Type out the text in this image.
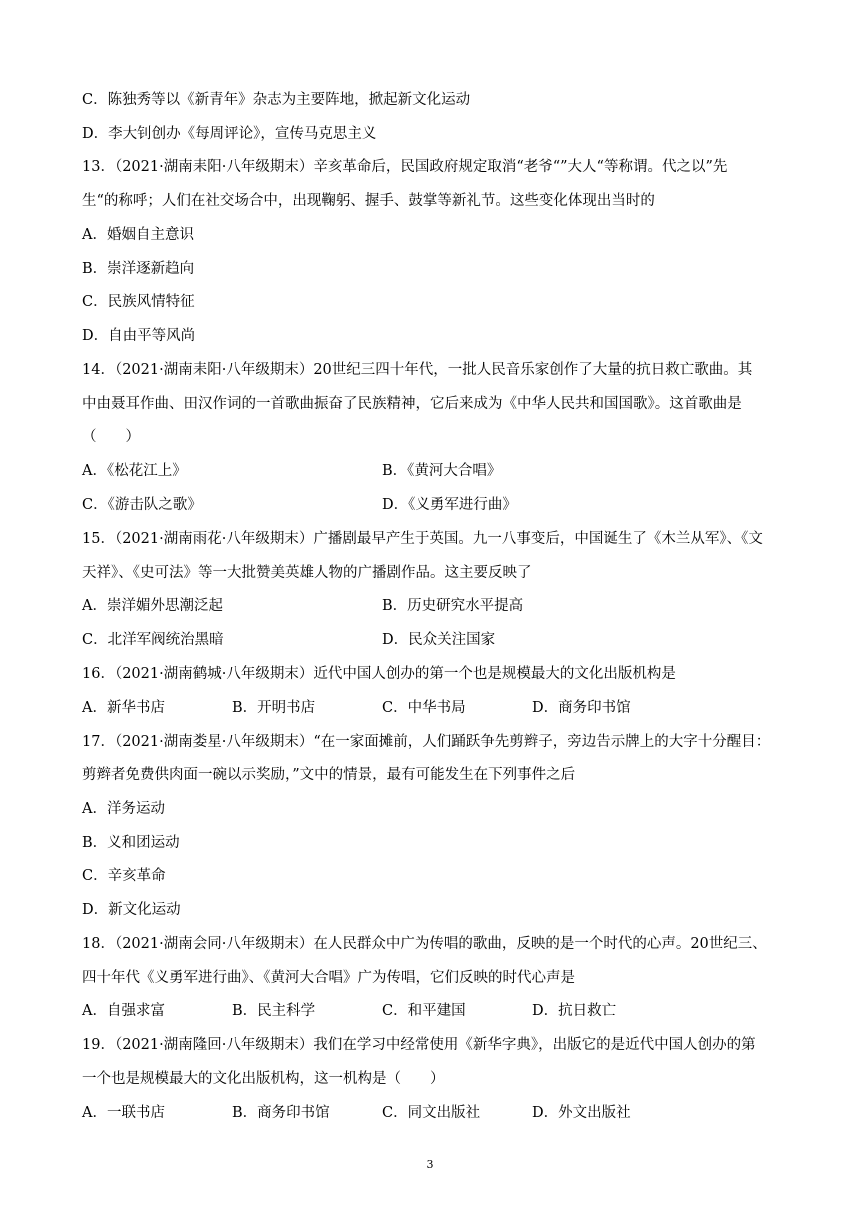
C．陈独秀等以《新青年》杂志为主要阵地，掀起新文化运动
D．李大钊创办《每周评论》，宣传马克思主义
13．（2021·湖南耒阳·八年级期末）辛亥革命后，民国政府规定取消“老爷“”大人“等称谓。代之以”先
生“的称呼；人们在社交场合中，出现鞠躬、握手、鼓掌等新礼节。这些变化体现出当时的
A．婚姻自主意识
B．崇洋逐新趋向
C．民族风情特征
D．自由平等风尚
14．（2021·湖南耒阳·八年级期末）20世纪三四十年代，一批人民音乐家创作了大量的抗日救亡歌曲。其
中由聂耳作曲、田汉作词的一首歌曲振奋了民族精神，它后来成为《中华人民共和国国歌》。这首歌曲是
（　　）
A．《松花江上》	B．《黄河大合唱》
C．《游击队之歌》	D．《义勇军进行曲》
15．（2021·湖南雨花·八年级期末）广播剧最早产生于英国。九一八事变后，中国诞生了《木兰从军》、《文
天祥》、《史可法》等一大批赞美英雄人物的广播剧作品。这主要反映了
A．崇洋媚外思潮泛起	B．历史研究水平提高
C．北洋军阀统治黑暗	D．民众关注国家
16．（2021·湖南鹤城·八年级期末）近代中国人创办的第一个也是规模最大的文化出版机构是
A．新华书店	B．开明书店	C．中华书局	D．商务印书馆
17．（2021·湖南娄星·八年级期末）“在一家面摊前，人们踊跃争先剪辫子，旁边告示牌上的大字十分醒目：
剪辫者免费供肉面一碗以示奖励，”文中的情景，最有可能发生在下列事件之后
A．洋务运动
B．义和团运动
C．辛亥革命
D．新文化运动
18．（2021·湖南会同·八年级期末）在人民群众中广为传唱的歌曲，反映的是一个时代的心声。20世纪三、
四十年代《义勇军进行曲》、《黄河大合唱》广为传唱，它们反映的时代心声是
A．自强求富	B．民主科学	C．和平建国	D．抗日救亡
19．（2021·湖南隆回·八年级期末）我们在学习中经常使用《新华字典》，出版它的是近代中国人创办的第
一个也是规模最大的文化出版机构，这一机构是（　　）
A．一联书店	B．商务印书馆	C．同文出版社	D．外文出版社
3
